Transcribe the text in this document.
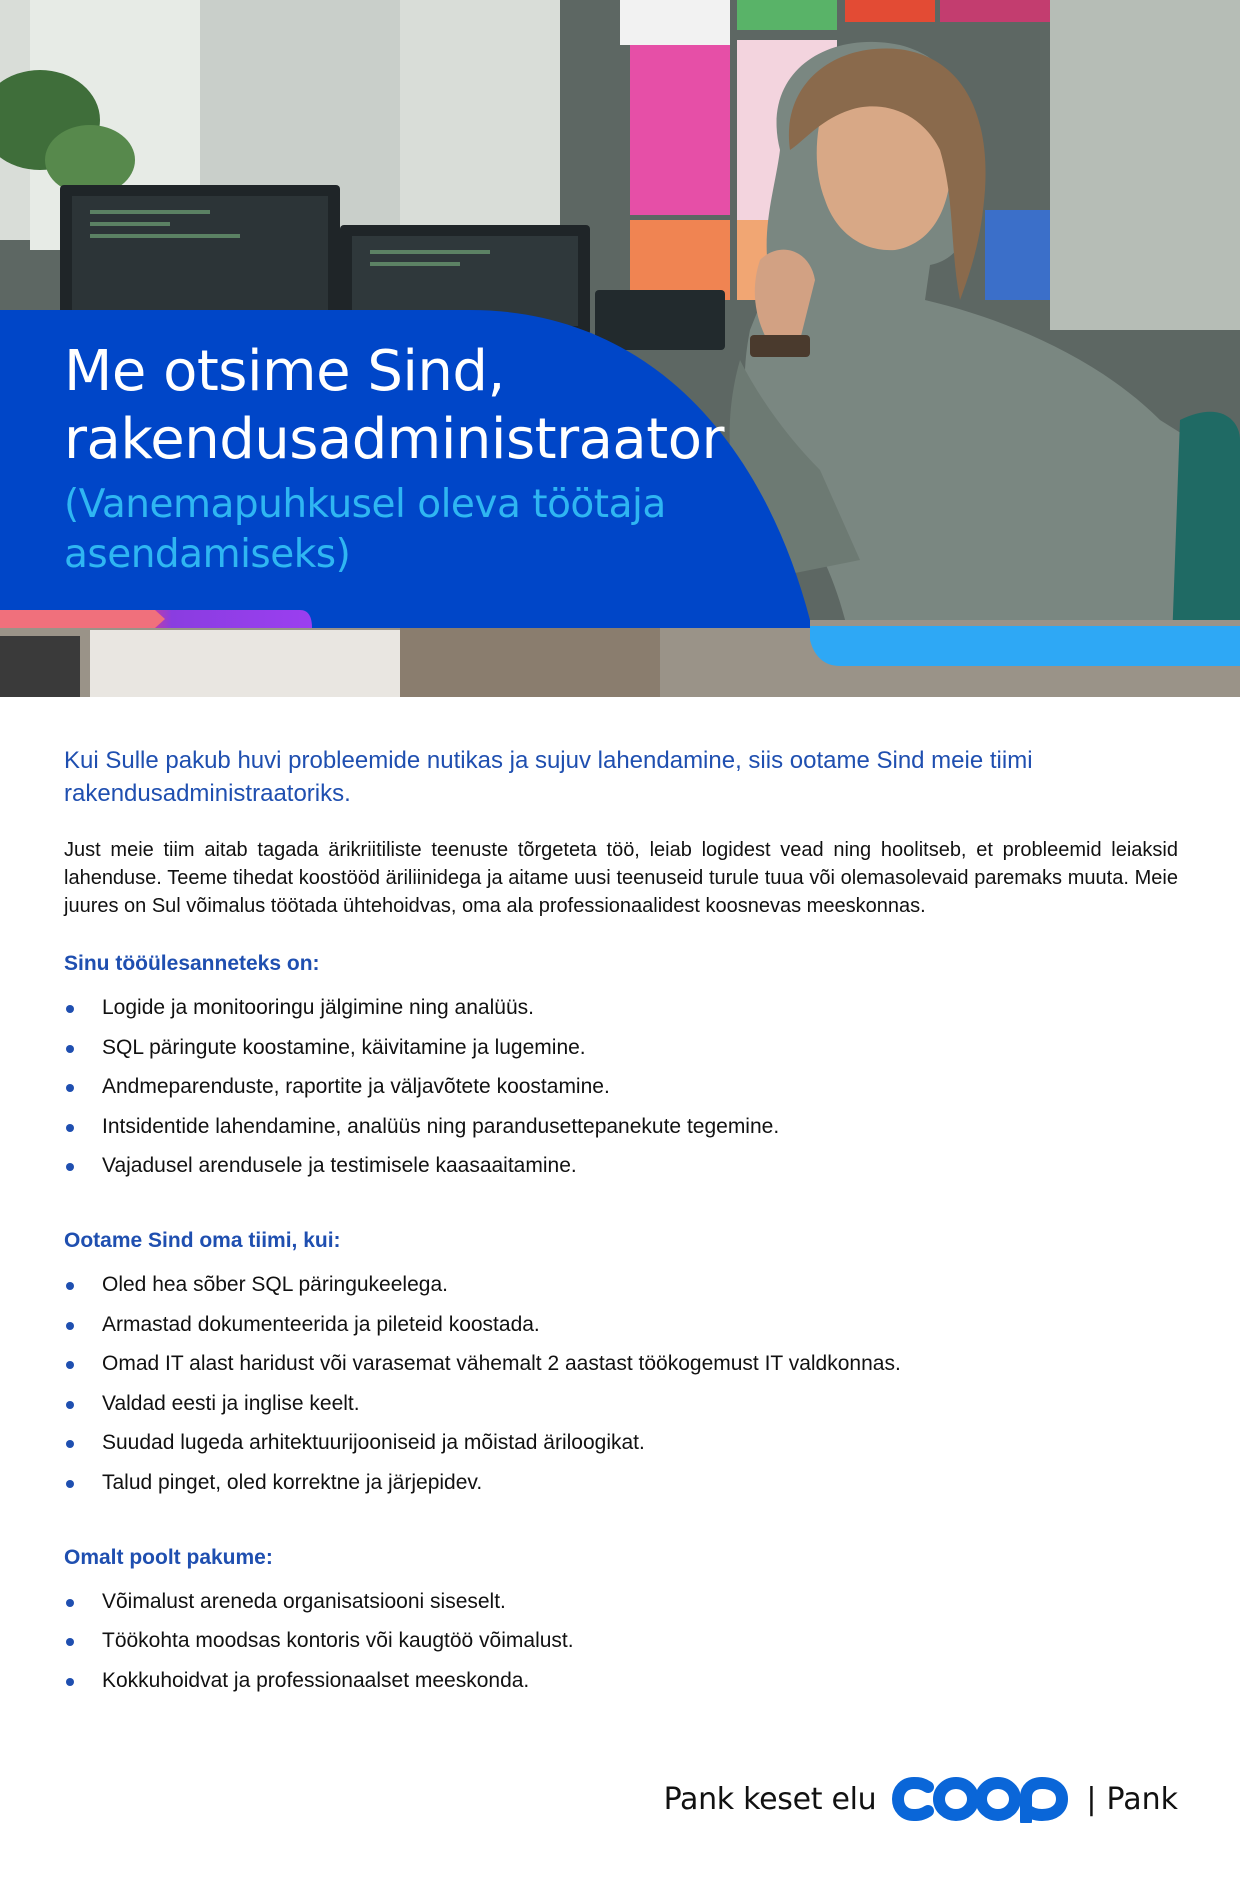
Me otsime Sind,
rakendusadministraator
(Vanemapuhkusel oleva töötaja
asendamiseks)

Kui Sulle pakub huvi probleemide nutikas ja sujuv lahendamine, siis ootame Sind meie tiimi rakendusadministraatoriks.

Just meie tiim aitab tagada ärikriitiliste teenuste tõrgeteta töö, leiab logidest vead ning hoolitseb, et probleemid leiaksid lahenduse. Teeme tihedat koostööd äriliinidega ja aitame uusi teenuseid turule tuua või olemasolevaid paremaks muuta. Meie juures on Sul võimalus töötada ühtehoidvas, oma ala professionaalidest koosnevas meeskonnas.

Sinu tööülesanneteks on:
Logide ja monitooringu jälgimine ning analüüs.
SQL päringute koostamine, käivitamine ja lugemine.
Andmeparenduste, raportite ja väljavõtete koostamine.
Intsidentide lahendamine, analüüs ning parandusettepanekute tegemine.
Vajadusel arendusele ja testimisele kaasaaitamine.
Ootame Sind oma tiimi, kui:
Oled hea sõber SQL päringukeelega.
Armastad dokumenteerida ja pileteid koostada.
Omad IT alast haridust või varasemat vähemalt 2 aastast töökogemust IT valdkonnas.
Valdad eesti ja inglise keelt.
Suudad lugeda arhitektuurijooniseid ja mõistad äriloogikat.
Talud pinget, oled korrektne ja järjepidev.
Omalt poolt pakume:
Võimalust areneda organisatsiooni siseselt.
Töökohta moodsas kontoris või kaugtöö võimalust.
Kokkuhoidvat ja professionaalset meeskonda.
Pank keset elu	| Pank
